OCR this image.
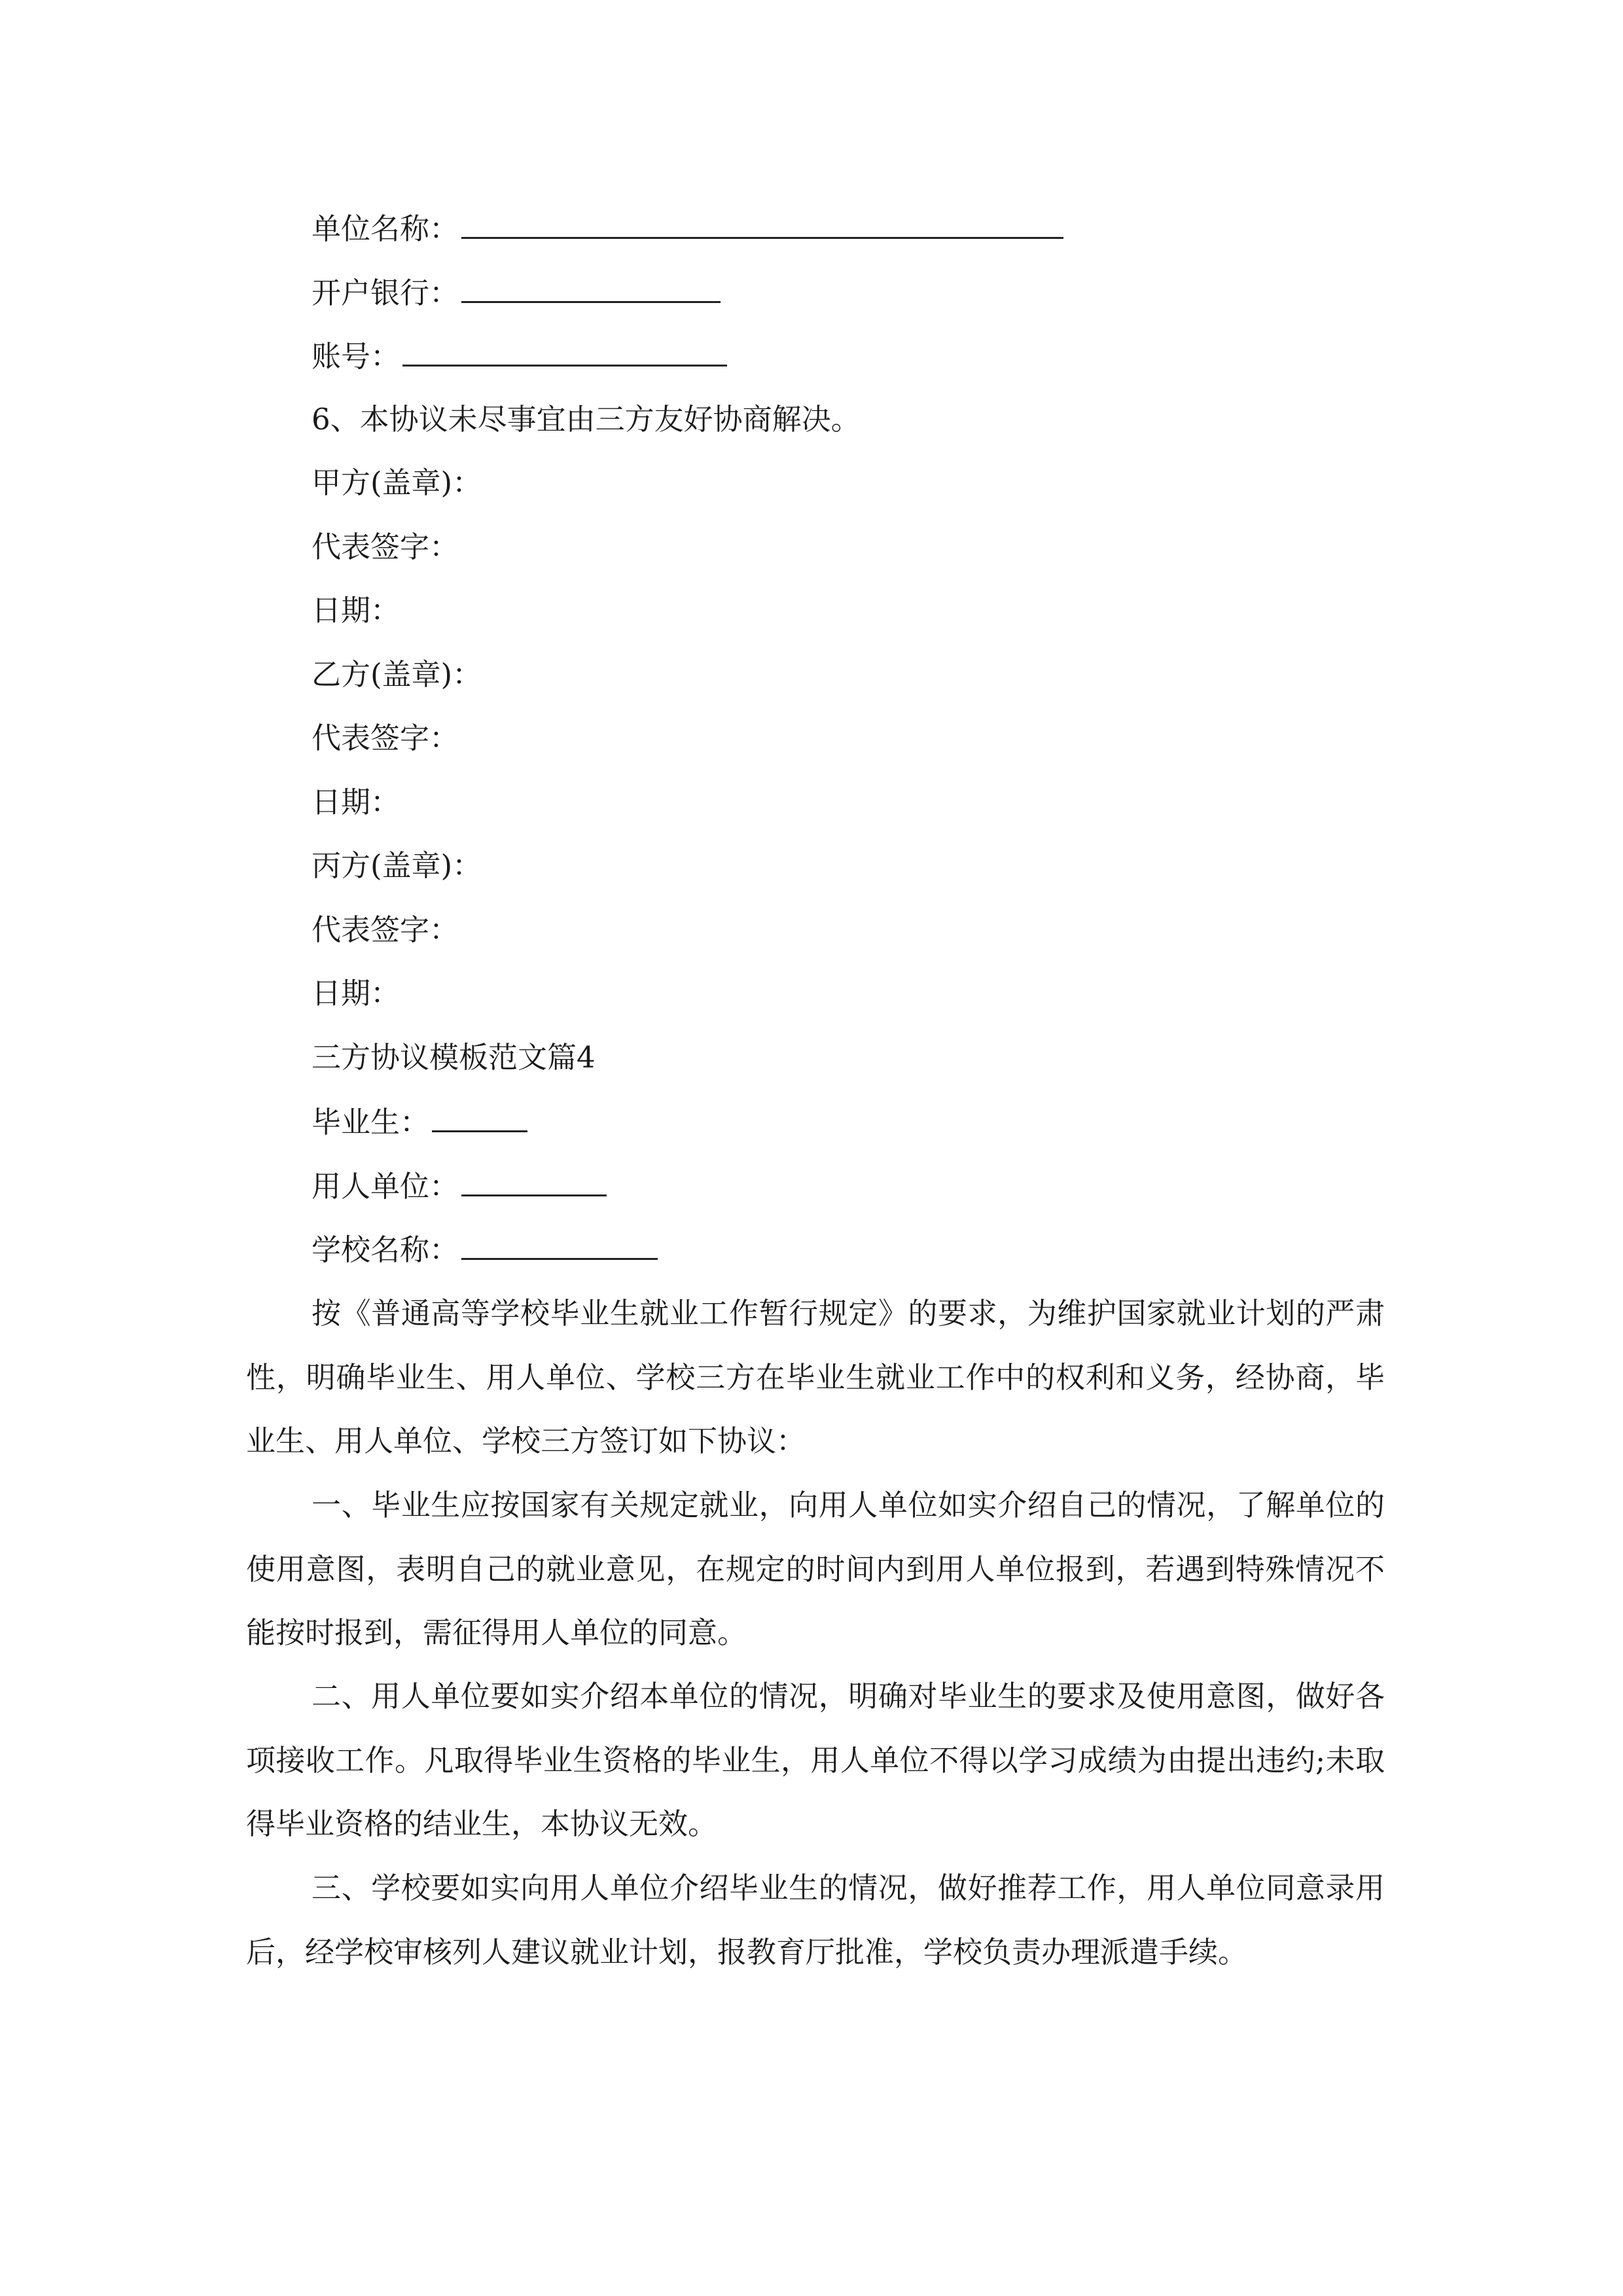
单位名称：
开户银行：
账号：
6、本协议未尽事宜由三方友好协商解决。
甲方(盖章)：
代表签字：
日期：
乙方(盖章)：
代表签字：
日期：
丙方(盖章)：
代表签字：
日期：
三方协议模板范文篇4
毕业生：
用人单位：
学校名称：

按《普通高等学校毕业生就业工作暂行规定》的要求，为维护国家就业计划的严肃性，明确毕业生、用人单位、学校三方在毕业生就业工作中的权利和义务，经协商，毕业生、用人单位、学校三方签订如下协议：

一、毕业生应按国家有关规定就业，向用人单位如实介绍自己的情况，了解单位的使用意图，表明自己的就业意见，在规定的时间内到用人单位报到，若遇到特殊情况不能按时报到，需征得用人单位的同意。

二、用人单位要如实介绍本单位的情况，明确对毕业生的要求及使用意图，做好各项接收工作。凡取得毕业生资格的毕业生，用人单位不得以学习成绩为由提出违约;未取得毕业资格的结业生，本协议无效。

三、学校要如实向用人单位介绍毕业生的情况，做好推荐工作，用人单位同意录用后，经学校审核列人建议就业计划，报教育厅批准，学校负责办理派遣手续。
